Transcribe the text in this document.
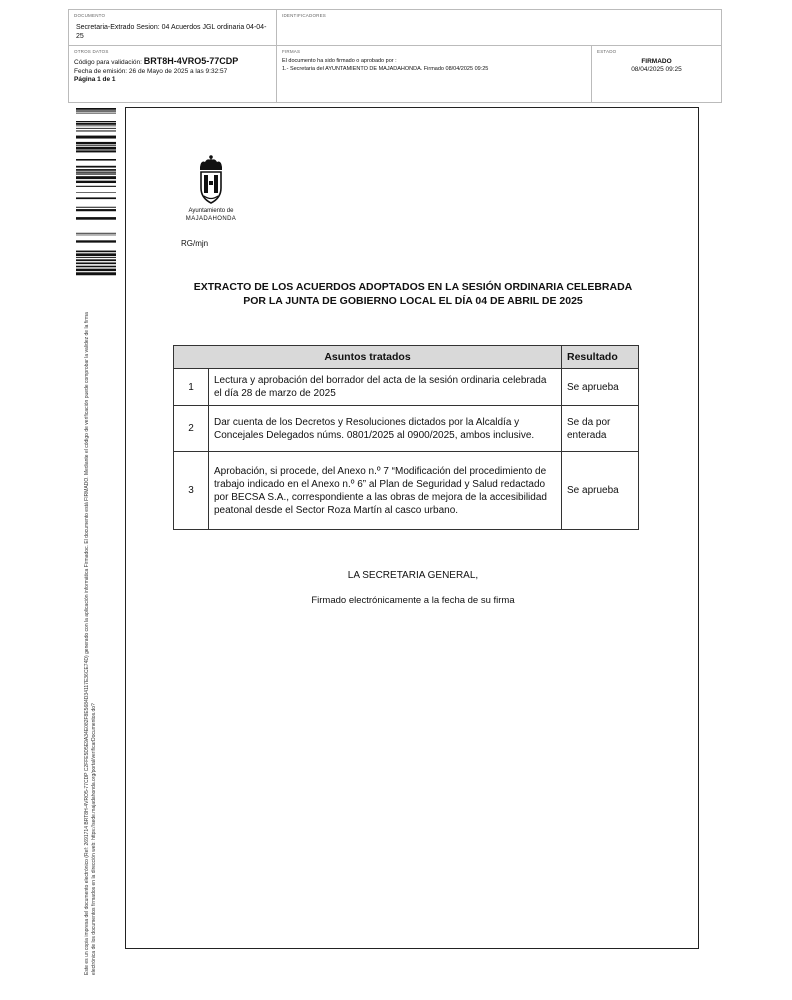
DOCUMENTO
Secretaria-Extrado Sesion: 04 Acuerdos JGL ordinaria 04-04-25
IDENTIFICADORES
OTROS DATOS
Código para validación: BRT8H-4VRO5-77CDP
Fecha de emisión: 26 de Mayo de 2025 a las 9:32:57
Página 1 de 1
FIRMAS
El documento ha sido firmado o aprobado por :
1.- Secretaria del AYUNTAMIENTO DE MAJADAHONDA. Firmado 08/04/2025 09:25
ESTADO
FIRMADO
08/04/2025 09:25
Este es un copia impresa del documento electrónico (Ref: 2691714 BRT8H-4VRO5-77CDP C2FFE5D5E9A34E082F8E5684D34117E36CE74D) generado con la aplicación informática Firmadoc. El documento está FIRMADO. Mediante el código de verificación puede comprobar la validez de la firma electrónica de los documentos firmados en la dirección web: https://sede.majadahonda.org/portal/verificarDocumentos.do?
Ayuntamiento de
MAJADAHONDA
RG/mjn
EXTRACTO DE LOS ACUERDOS ADOPTADOS EN LA SESIÓN ORDINARIA CELEBRADA
POR LA JUNTA DE GOBIERNO LOCAL EL DÍA 04 DE ABRIL DE 2025
Asuntos tratados		Resultado
1	Lectura y aprobación del borrador del acta de la sesión ordinaria celebrada el día 28 de marzo de 2025	Se aprueba
2	Dar cuenta de los Decretos y Resoluciones dictados por la Alcaldía y Concejales Delegados núms. 0801/2025 al 0900/2025, ambos inclusive.	Se da por enterada
3	Aprobación, si procede, del Anexo n.º 7 “Modificación del procedimiento de trabajo indicado en el Anexo n.º 6” al Plan de Seguridad y Salud redactado por BECSA S.A., correspondiente a las obras de mejora de la accesibilidad peatonal desde el Sector Roza Martín al casco urbano.	Se aprueba
LA SECRETARIA GENERAL,
Firmado electrónicamente a la fecha de su firma
